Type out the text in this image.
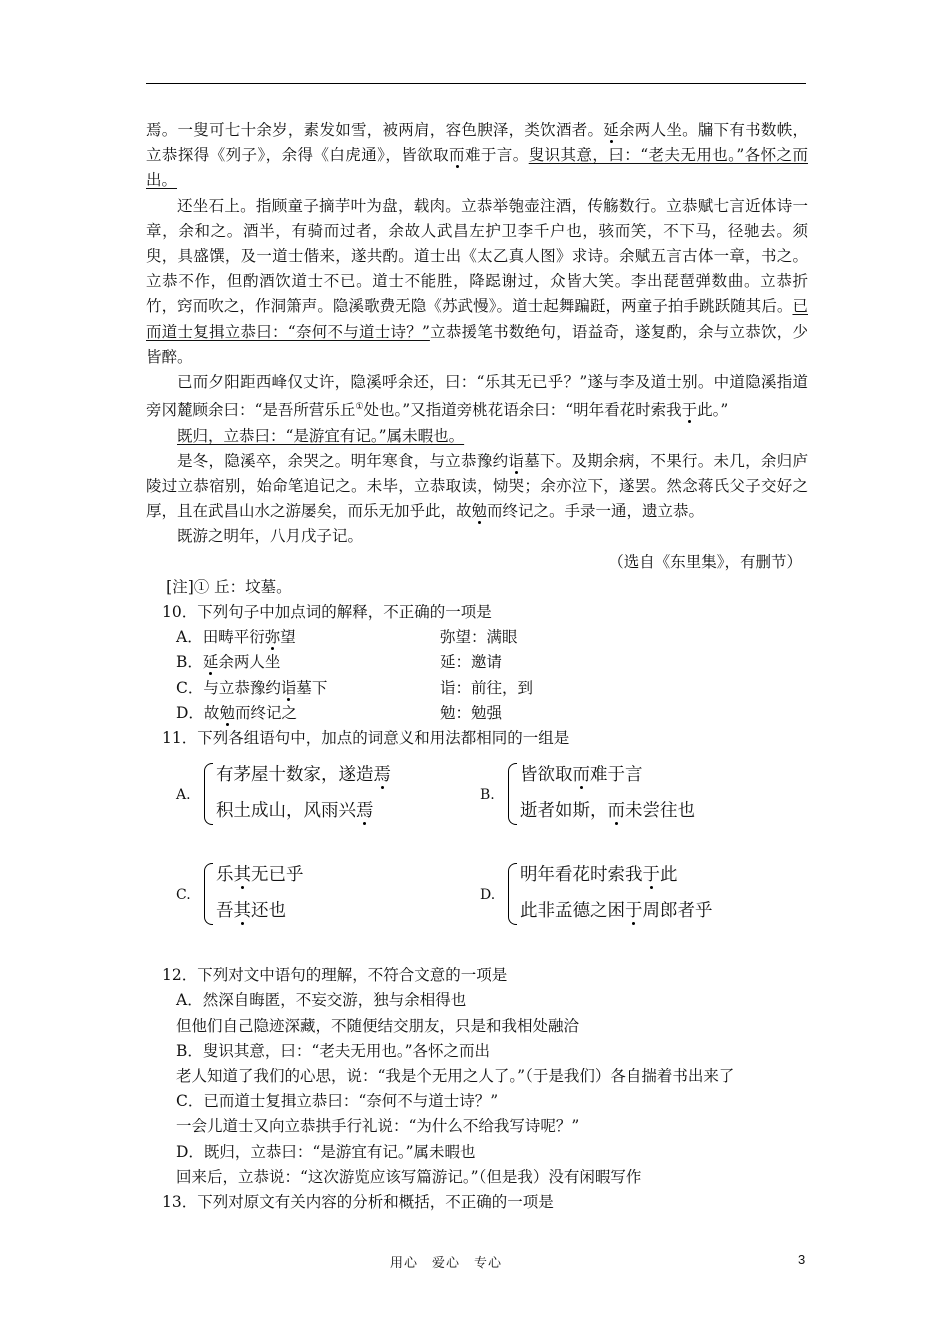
焉。一叟可七十余岁，素发如雪，被两肩，容色腴泽，类饮酒者。延余两人坐。牖下有书数帙，立恭探得《列子》，余得《白虎通》，皆欲取而难于言。叟识其意，曰：“老夫无用也。”各怀之而出。

还坐石上。指顾童子摘芋叶为盘，载肉。立恭举匏壶注酒，传觞数行。立恭赋七言近体诗一章，余和之。酒半，有骑而过者，余故人武昌左护卫李千户也，骇而笑，不下马，径驰去。须臾，具盛馔，及一道士偕来，遂共酌。道士出《太乙真人图》求诗。余赋五言古体一章，书之。立恭不作，但酌酒饮道士不已。道士不能胜，降跽谢过，众皆大笑。李出琵琶弹数曲。立恭折竹，窍而吹之，作洞箫声。隐溪歌费无隐《苏武慢》。道士起舞蹁跹，两童子拍手跳跃随其后。已而道士复揖立恭曰：“奈何不与道士诗？”立恭援笔书数绝句，语益奇，遂复酌，余与立恭饮，少皆醉。

已而夕阳距西峰仅丈许，隐溪呼余还，曰：“乐其无已乎？”遂与李及道士别。中道隐溪指道旁冈麓顾余曰：“是吾所营乐丘①处也。”又指道旁桃花语余曰：“明年看花时索我于此。”

既归，立恭曰：“是游宜有记。”属未暇也。

是冬，隐溪卒，余哭之。明年寒食，与立恭豫约诣墓下。及期余病，不果行。未几，余归庐陵过立恭宿别，始命笔追记之。未毕，立恭取读，恸哭；余亦泣下，遂罢。然念蒋氏父子交好之厚，且在武昌山水之游屡矣，而乐无加乎此，故勉而终记之。手录一通，遗立恭。

既游之明年，八月戊子记。

（选自《东里集》，有删节）

[注]① 丘：坟墓。

10．下列句子中加点词的解释，不正确的一项是

A．田畴平衍弥望	弥望：满眼
B．延余两人坐	延：邀请
C．与立恭豫约诣墓下	诣：前往，到
D．故勉而终记之	勉：勉强

11．下列各组语句中，加点的词意义和用法都相同的一组是

A.
有茅屋十数家，遂造焉
积土成山，风雨兴焉
B.
皆欲取而难于言
逝者如斯，而未尝往也
C.
乐其无已乎
吾其还也
D.
明年看花时索我于此
此非孟德之困于周郎者乎

12．下列对文中语句的理解，不符合文意的一项是

A．然深自晦匿，不妄交游，独与余相得也

但他们自己隐迹深藏，不随便结交朋友，只是和我相处融洽

B．叟识其意，曰：“老夫无用也。”各怀之而出

老人知道了我们的心思，说：“我是个无用之人了。”（于是我们）各自揣着书出来了

C．已而道士复揖立恭曰：“奈何不与道士诗？”

一会儿道士又向立恭拱手行礼说：“为什么不给我写诗呢？”

D．既归，立恭曰：“是游宜有记。”属未暇也

回来后，立恭说：“这次游览应该写篇游记。”（但是我）没有闲暇写作

13．下列对原文有关内容的分析和概括，不正确的一项是

用心　爱心　专心	3
